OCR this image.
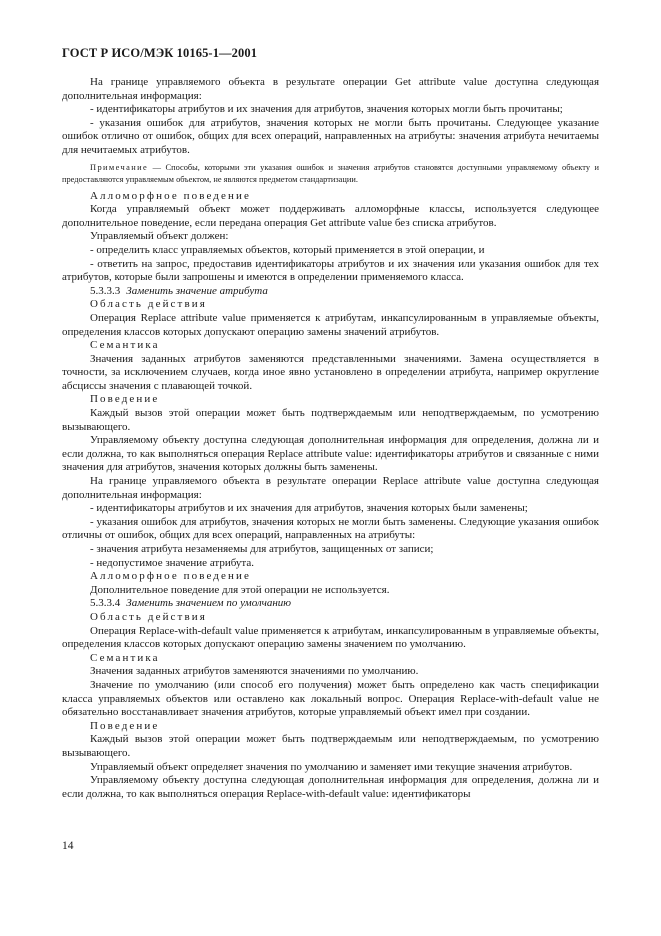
ГОСТ Р ИСО/МЭК 10165-1—2001

На границе управляемого объекта в результате операции Get attribute value доступна следующая дополнительная информация:

- идентификаторы атрибутов и их значения для атрибутов, значения которых могли быть прочитаны;

- указания ошибок для атрибутов, значения которых не могли быть прочитаны. Следующее указание ошибок отлично от ошибок, общих для всех операций, направленных на атрибуты: значения атрибута нечитаемы для нечитаемых атрибутов.

Примечание — Способы, которыми эти указания ошибок и значения атрибутов становятся доступными управляемому объекту и предоставляются управляемым объектом, не являются предметом стандартизации.

Алломорфное поведение

Когда управляемый объект может поддерживать алломорфные классы, используется следующее дополнительное поведение, если передана операция Get attribute value без списка атрибутов.

Управляемый объект должен:

- определить класс управляемых объектов, который применяется в этой операции, и

- ответить на запрос, предоставив идентификаторы атрибутов и их значения или указания ошибок для тех атрибутов, которые были запрошены и имеются в определении применяемого класса.

5.3.3.3 Заменить значение атрибута

Область действия

Операция Replace attribute value применяется к атрибутам, инкапсулированным в управляемые объекты, определения классов которых допускают операцию замены значений атрибутов.

Семантика

Значения заданных атрибутов заменяются представленными значениями. Замена осуществляется в точности, за исключением случаев, когда иное явно установлено в определении атрибута, например округление абсциссы значения с плавающей точкой.

Поведение

Каждый вызов этой операции может быть подтверждаемым или неподтверждаемым, по усмотрению вызывающего.

Управляемому объекту доступна следующая дополнительная информация для определения, должна ли и если должна, то как выполняться операция Replace attribute value: идентификаторы атрибутов и связанные с ними значения для атрибутов, значения которых должны быть заменены.

На границе управляемого объекта в результате операции Replace attribute value доступна следующая дополнительная информация:

- идентификаторы атрибутов и их значения для атрибутов, значения которых были заменены;

- указания ошибок для атрибутов, значения которых не могли быть заменены. Следующие указания ошибок отличны от ошибок, общих для всех операций, направленных на атрибуты:

- значения атрибута незаменяемы для атрибутов, защищенных от записи;

- недопустимое значение атрибута.

Алломорфное поведение

Дополнительное поведение для этой операции не используется.

5.3.3.4 Заменить значением по умолчанию

Область действия

Операция Replace-with-default value применяется к атрибутам, инкапсулированным в управляемые объекты, определения классов которых допускают операцию замены значением по умолчанию.

Семантика

Значения заданных атрибутов заменяются значениями по умолчанию.

Значение по умолчанию (или способ его получения) может быть определено как часть спецификации класса управляемых объектов или оставлено как локальный вопрос. Операция Replace-with-default value не обязательно восстанавливает значения атрибутов, которые управляемый объект имел при создании.

Поведение

Каждый вызов этой операции может быть подтверждаемым или неподтверждаемым, по усмотрению вызывающего.

Управляемый объект определяет значения по умолчанию и заменяет ими текущие значения атрибутов.

Управляемому объекту доступна следующая дополнительная информация для определения, должна ли и если должна, то как выполняться операция Replace-with-default value: идентификаторы

14
